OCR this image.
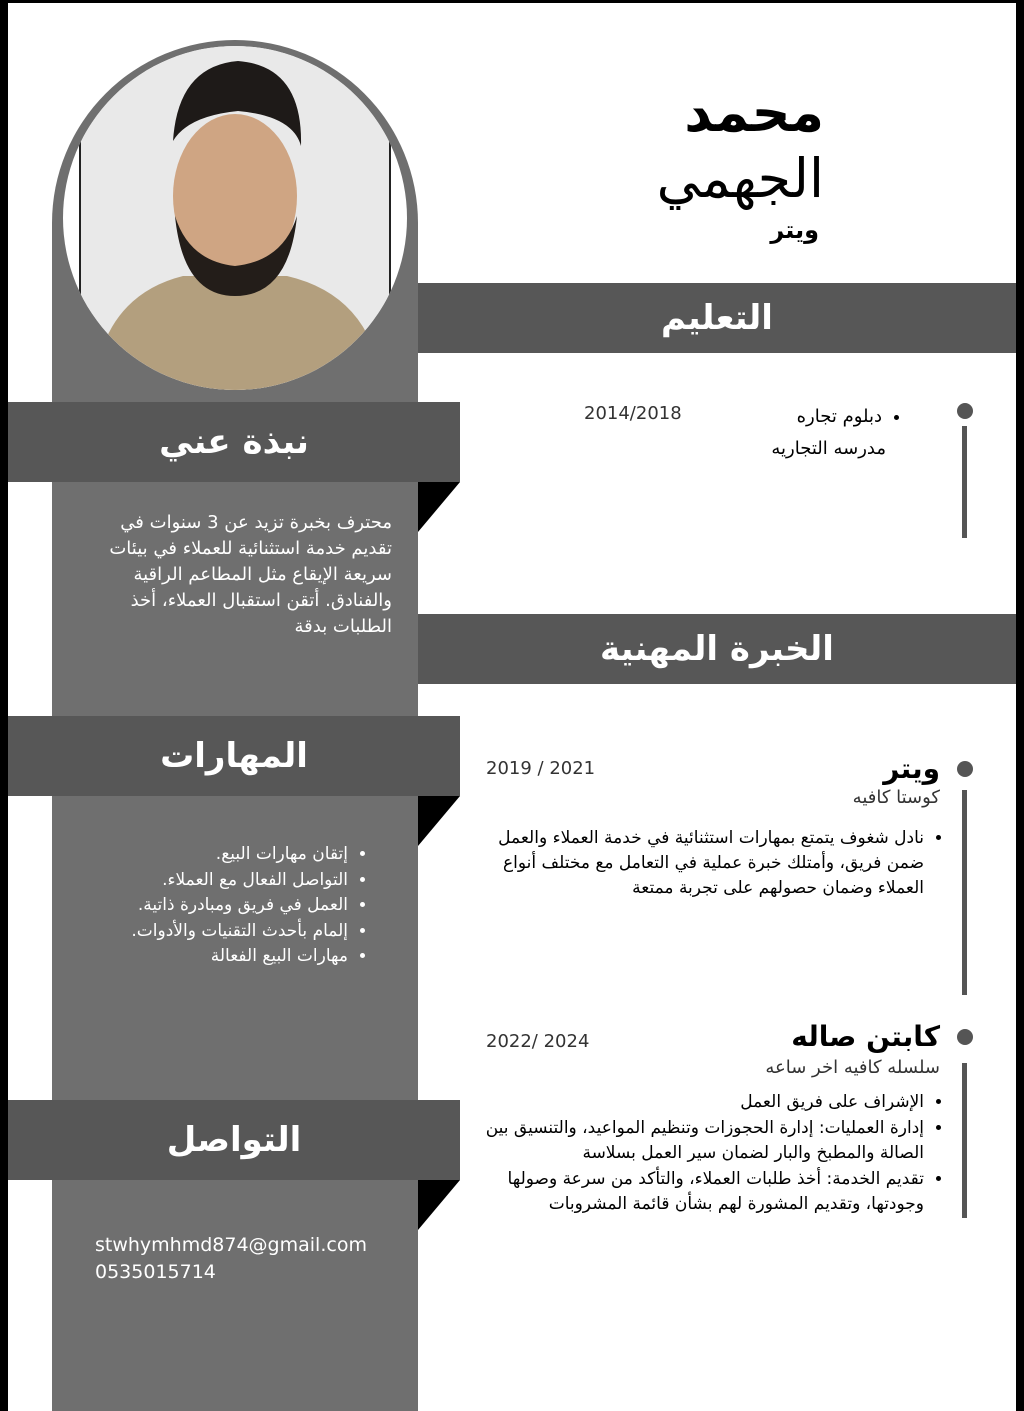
محمد
الجهمي
ويتر
التعليم
• دبلوم تجاره
مدرسه التجاريه
2014/2018
نبذة عني
محترف بخبرة تزيد عن 3 سنوات في تقديم خدمة استثنائية للعملاء في بيئات سريعة الإيقاع مثل المطاعم الراقية والفنادق. أتقن استقبال العملاء، أخذ الطلبات بدقة
الخبرة المهنية
ويتر
كوستا كافيه
• نادل شغوف يتمتع بمهارات استثنائية في خدمة العملاء والعمل ضمن فريق، وأمتلك خبرة عملية في التعامل مع مختلف أنواع العملاء وضمان حصولهم على تجربة ممتعة
2019 / 2021
كابتن صاله
سلسله كافيه اخر ساعه
• الإشراف على فريق العمل
• إدارة العمليات: إدارة الحجوزات وتنظيم المواعيد، والتنسيق بين الصالة والمطبخ والبار لضمان سير العمل بسلاسة
• تقديم الخدمة: أخذ طلبات العملاء، والتأكد من سرعة وصولها وجودتها، وتقديم المشورة لهم بشأن قائمة المشروبات
2022/ 2024
المهارات
• إتقان مهارات البيع.
• التواصل الفعال مع العملاء.
• العمل في فريق ومبادرة ذاتية.
• إلمام بأحدث التقنيات والأدوات.
• مهارات البيع الفعالة
التواصل
stwhymhmd874@gmail.com
0535015714
